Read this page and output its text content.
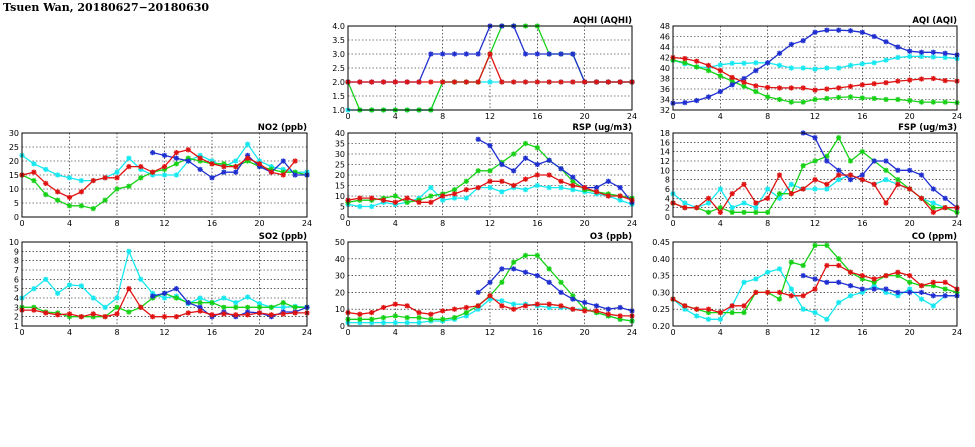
Tsuen Wan, 20180627−20180630
0	4	8	12	16	20	24
1.0
1.5
2.0
2.5
3.0
3.5
4.0
AQHI (AQHI)
0	4	8	12	16	20	24
32
34
36
38
40
42
44
46
48
AQI (AQI)
0	4	8	12	16	20	24
0
5
10
15
20
25
30
NO2 (ppb)
0	4	8	12	16	20	24
0
5
10
15
20
25
30
35
40
RSP (ug/m3)
0	4	8	12	16	20	24
0
2
4
6
8
10
12
14
16
18
FSP (ug/m3)
0	4	8	12	16	20	24
1
2
3
4
5
6
7
8
9
10
SO2 (ppb)
0	4	8	12	16	20	24
0
10
20
30
40
50
O3 (ppb)
0	4	8	12	16	20	24
0.20
0.25
0.30
0.35
0.40
0.45
CO (ppm)
